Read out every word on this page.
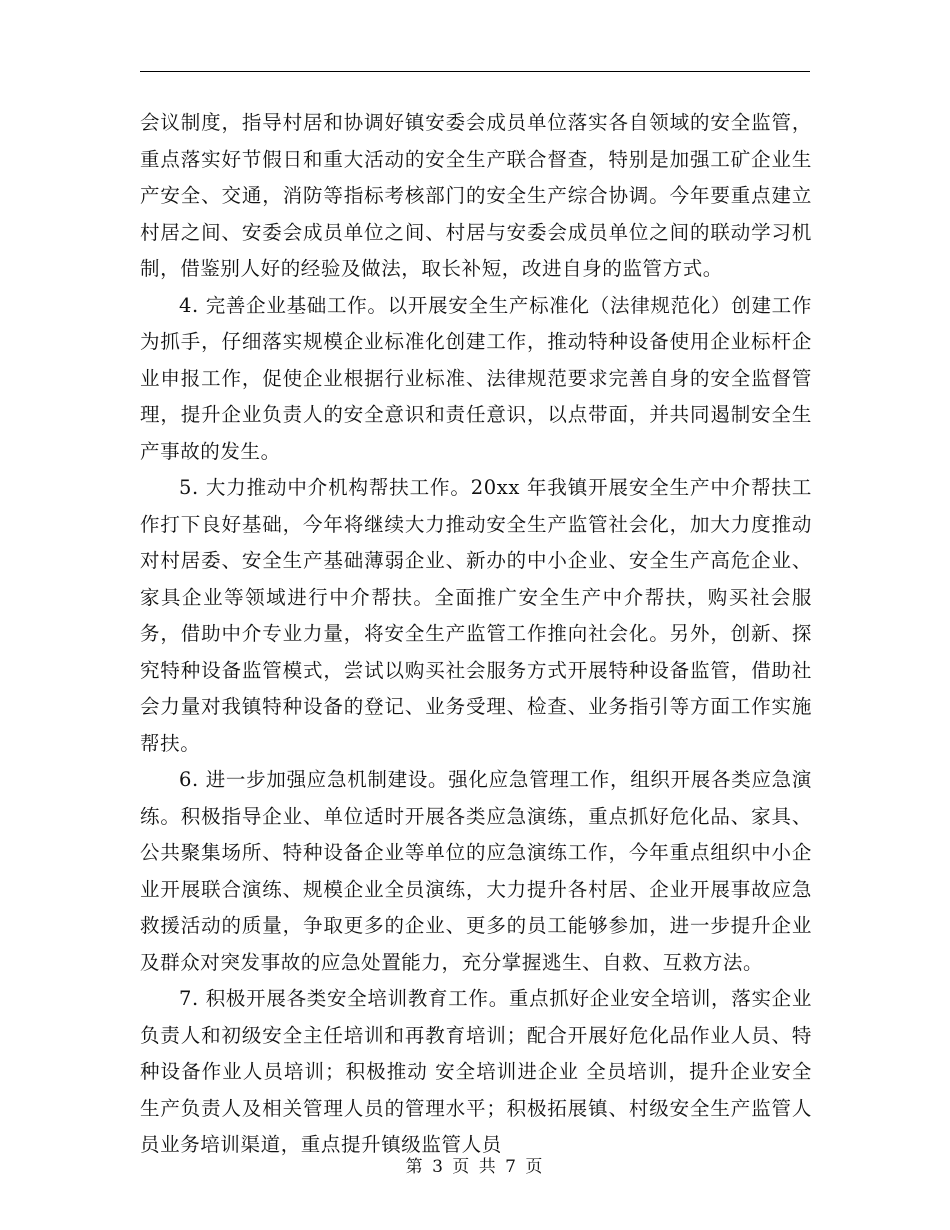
会议制度，指导村居和协调好镇安委会成员单位落实各自领域的安全监管，重点落实好节假日和重大活动的安全生产联合督查，特别是加强工矿企业生产安全、交通，消防等指标考核部门的安全生产综合协调。今年要重点建立村居之间、安委会成员单位之间、村居与安委会成员单位之间的联动学习机制，借鉴别人好的经验及做法，取长补短，改进自身的监管方式。

4. 完善企业基础工作。以开展安全生产标准化（法律规范化）创建工作为抓手，仔细落实规模企业标准化创建工作，推动特种设备使用企业标杆企业申报工作，促使企业根据行业标准、法律规范要求完善自身的安全监督管理，提升企业负责人的安全意识和责任意识，以点带面，并共同遏制安全生产事故的发生。

5. 大力推动中介机构帮扶工作。20xx 年我镇开展安全生产中介帮扶工作打下良好基础，今年将继续大力推动安全生产监管社会化，加大力度推动对村居委、安全生产基础薄弱企业、新办的中小企业、安全生产高危企业、家具企业等领域进行中介帮扶。全面推广安全生产中介帮扶，购买社会服务，借助中介专业力量，将安全生产监管工作推向社会化。另外，创新、探究特种设备监管模式，尝试以购买社会服务方式开展特种设备监管，借助社会力量对我镇特种设备的登记、业务受理、检查、业务指引等方面工作实施帮扶。

6. 进一步加强应急机制建设。强化应急管理工作，组织开展各类应急演练。积极指导企业、单位适时开展各类应急演练，重点抓好危化品、家具、公共聚集场所、特种设备企业等单位的应急演练工作，今年重点组织中小企业开展联合演练、规模企业全员演练，大力提升各村居、企业开展事故应急救援活动的质量，争取更多的企业、更多的员工能够参加，进一步提升企业及群众对突发事故的应急处置能力，充分掌握逃生、自救、互救方法。

7. 积极开展各类安全培训教育工作。重点抓好企业安全培训，落实企业负责人和初级安全主任培训和再教育培训；配合开展好危化品作业人员、特种设备作业人员培训；积极推动 安全培训进企业 全员培训，提升企业安全生产负责人及相关管理人员的管理水平；积极拓展镇、村级安全生产监管人员业务培训渠道，重点提升镇级监管人员

第 3 页 共 7 页
